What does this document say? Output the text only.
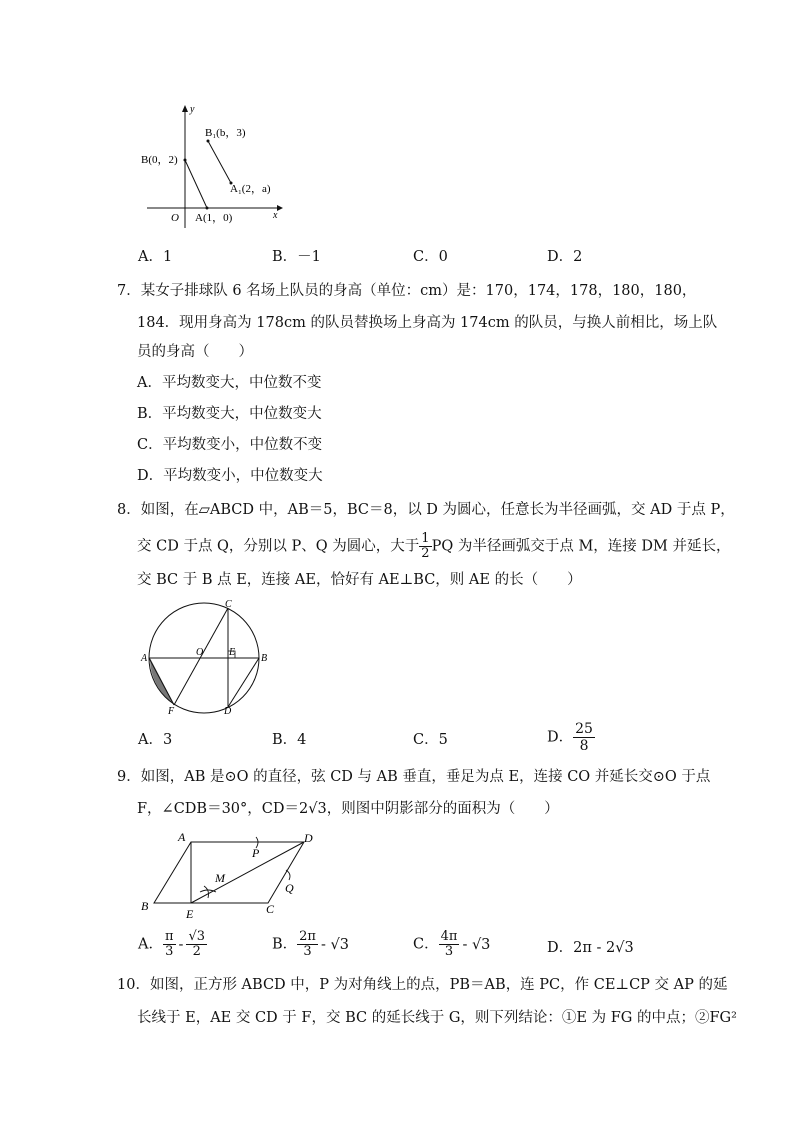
y
x
O
B(0，2)
A(1，0)
B₁(b，3)
A₁(2，a)
A．1	B．－1	C．0	D．2
7．某女子排球队 6 名场上队员的身高（单位：cm）是：170，174，178，180，180，
184．现用身高为 178cm 的队员替换场上身高为 174cm 的队员，与换人前相比，场上队
员的身高（　　）
A．平均数变大，中位数不变
B．平均数变大，中位数变大
C．平均数变小，中位数不变
D．平均数变小，中位数变大
8．如图，在▱ABCD 中，AB＝5，BC＝8，以 D 为圆心，任意长为半径画弧，交 AD 于点 P，
交 CD 于点 Q，分别以 P、Q 为圆心，大于 $\frac{1}{2}$ PQ 为半径画弧交于点 M，连接 DM 并延长，
交 BC 于 B 点 E，连接 AE，恰好有 AE⊥BC，则 AE 的长（　　）
C
A	B
O	E
F	D
A．3	B．4	C．5	D． $\frac{25}{8}$
9．如图，AB 是⊙O 的直径，弦 CD 与 AB 垂直，垂足为点 E，连接 CO 并延长交⊙O 于点
F，∠CDB＝30°，CD＝2√3，则图中阴影部分的面积为（　　）
A	D
P
M
Q
B
E	C
A． $\frac{\pi}{3} - \frac{√3}{2}$	B． $\frac{2\pi}{3} - √3$	C． $\frac{4\pi}{3} - √3$	D．2π - 2√3
10．如图，正方形 ABCD 中，P 为对角线上的点，PB＝AB，连 PC，作 CE⊥CP 交 AP 的延
长线于 E，AE 交 CD 于 F，交 BC 的延长线于 G，则下列结论：①E 为 FG 的中点；②FG²
